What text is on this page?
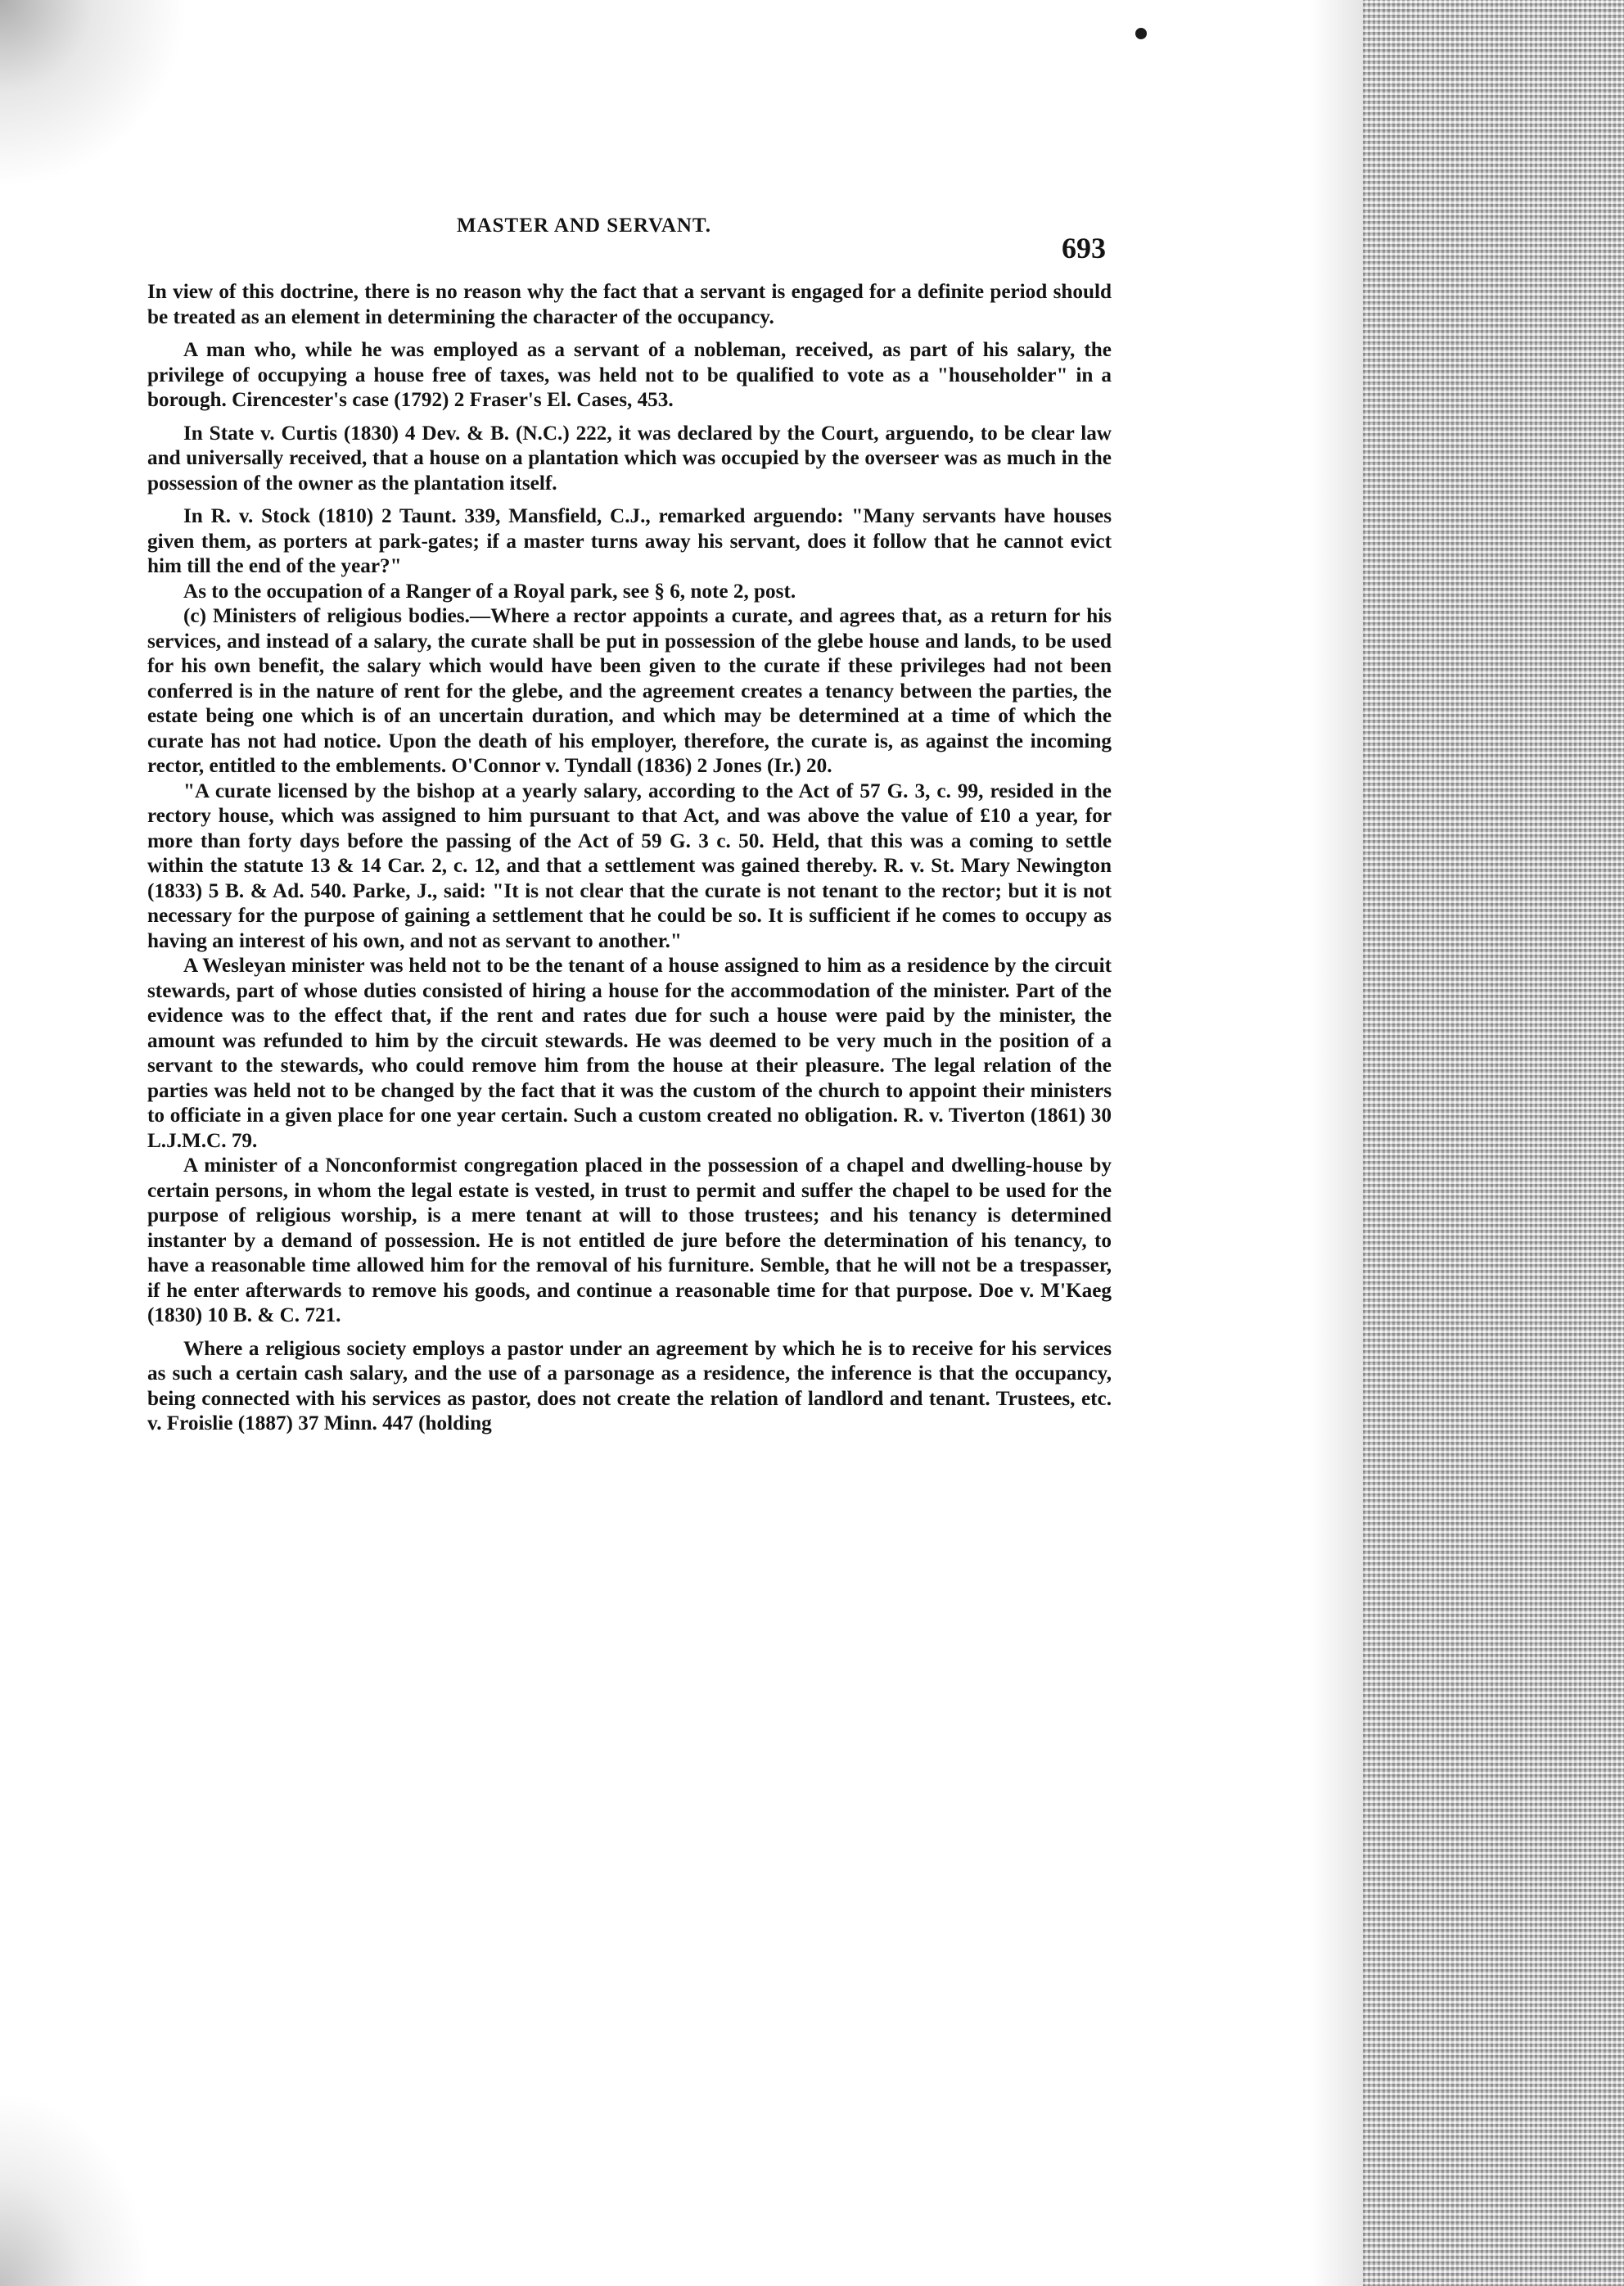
MASTER AND SERVANT.
693

In view of this doctrine, there is no reason why the fact that a servant is engaged for a definite period should be treated as an element in determining the character of the occupancy.

A man who, while he was employed as a servant of a nobleman, received, as part of his salary, the privilege of occupying a house free of taxes, was held not to be qualified to vote as a "householder" in a borough. Cirencester's case (1792) 2 Fraser's El. Cases, 453.

In State v. Curtis (1830) 4 Dev. & B. (N.C.) 222, it was declared by the Court, arguendo, to be clear law and universally received, that a house on a plantation which was occupied by the overseer was as much in the possession of the owner as the plantation itself.

In R. v. Stock (1810) 2 Taunt. 339, Mansfield, C.J., remarked arguendo: "Many servants have houses given them, as porters at park-gates; if a master turns away his servant, does it follow that he cannot evict him till the end of the year?"

As to the occupation of a Ranger of a Royal park, see § 6, note 2, post.

(c) Ministers of religious bodies.—Where a rector appoints a curate, and agrees that, as a return for his services, and instead of a salary, the curate shall be put in possession of the glebe house and lands, to be used for his own benefit, the salary which would have been given to the curate if these privileges had not been conferred is in the nature of rent for the glebe, and the agreement creates a tenancy between the parties, the estate being one which is of an uncertain duration, and which may be determined at a time of which the curate has not had notice. Upon the death of his employer, therefore, the curate is, as against the incoming rector, entitled to the emblements. O'Connor v. Tyndall (1836) 2 Jones (Ir.) 20.

"A curate licensed by the bishop at a yearly salary, according to the Act of 57 G. 3, c. 99, resided in the rectory house, which was assigned to him pursuant to that Act, and was above the value of £10 a year, for more than forty days before the passing of the Act of 59 G. 3 c. 50. Held, that this was a coming to settle within the statute 13 & 14 Car. 2, c. 12, and that a settlement was gained thereby. R. v. St. Mary Newington (1833) 5 B. & Ad. 540. Parke, J., said: "It is not clear that the curate is not tenant to the rector; but it is not necessary for the purpose of gaining a settlement that he could be so. It is sufficient if he comes to occupy as having an interest of his own, and not as servant to another."

A Wesleyan minister was held not to be the tenant of a house assigned to him as a residence by the circuit stewards, part of whose duties consisted of hiring a house for the accommodation of the minister. Part of the evidence was to the effect that, if the rent and rates due for such a house were paid by the minister, the amount was refunded to him by the circuit stewards. He was deemed to be very much in the position of a servant to the stewards, who could remove him from the house at their pleasure. The legal relation of the parties was held not to be changed by the fact that it was the custom of the church to appoint their ministers to officiate in a given place for one year certain. Such a custom created no obligation. R. v. Tiverton (1861) 30 L.J.M.C. 79.

A minister of a Nonconformist congregation placed in the possession of a chapel and dwelling-house by certain persons, in whom the legal estate is vested, in trust to permit and suffer the chapel to be used for the purpose of religious worship, is a mere tenant at will to those trustees; and his tenancy is determined instanter by a demand of possession. He is not entitled de jure before the determination of his tenancy, to have a reasonable time allowed him for the removal of his furniture. Semble, that he will not be a trespasser, if he enter afterwards to remove his goods, and continue a reasonable time for that purpose. Doe v. M'Kaeg (1830) 10 B. & C. 721.

Where a religious society employs a pastor under an agreement by which he is to receive for his services as such a certain cash salary, and the use of a parsonage as a residence, the inference is that the occupancy, being connected with his services as pastor, does not create the relation of landlord and tenant. Trustees, etc. v. Froislie (1887) 37 Minn. 447 (holding
